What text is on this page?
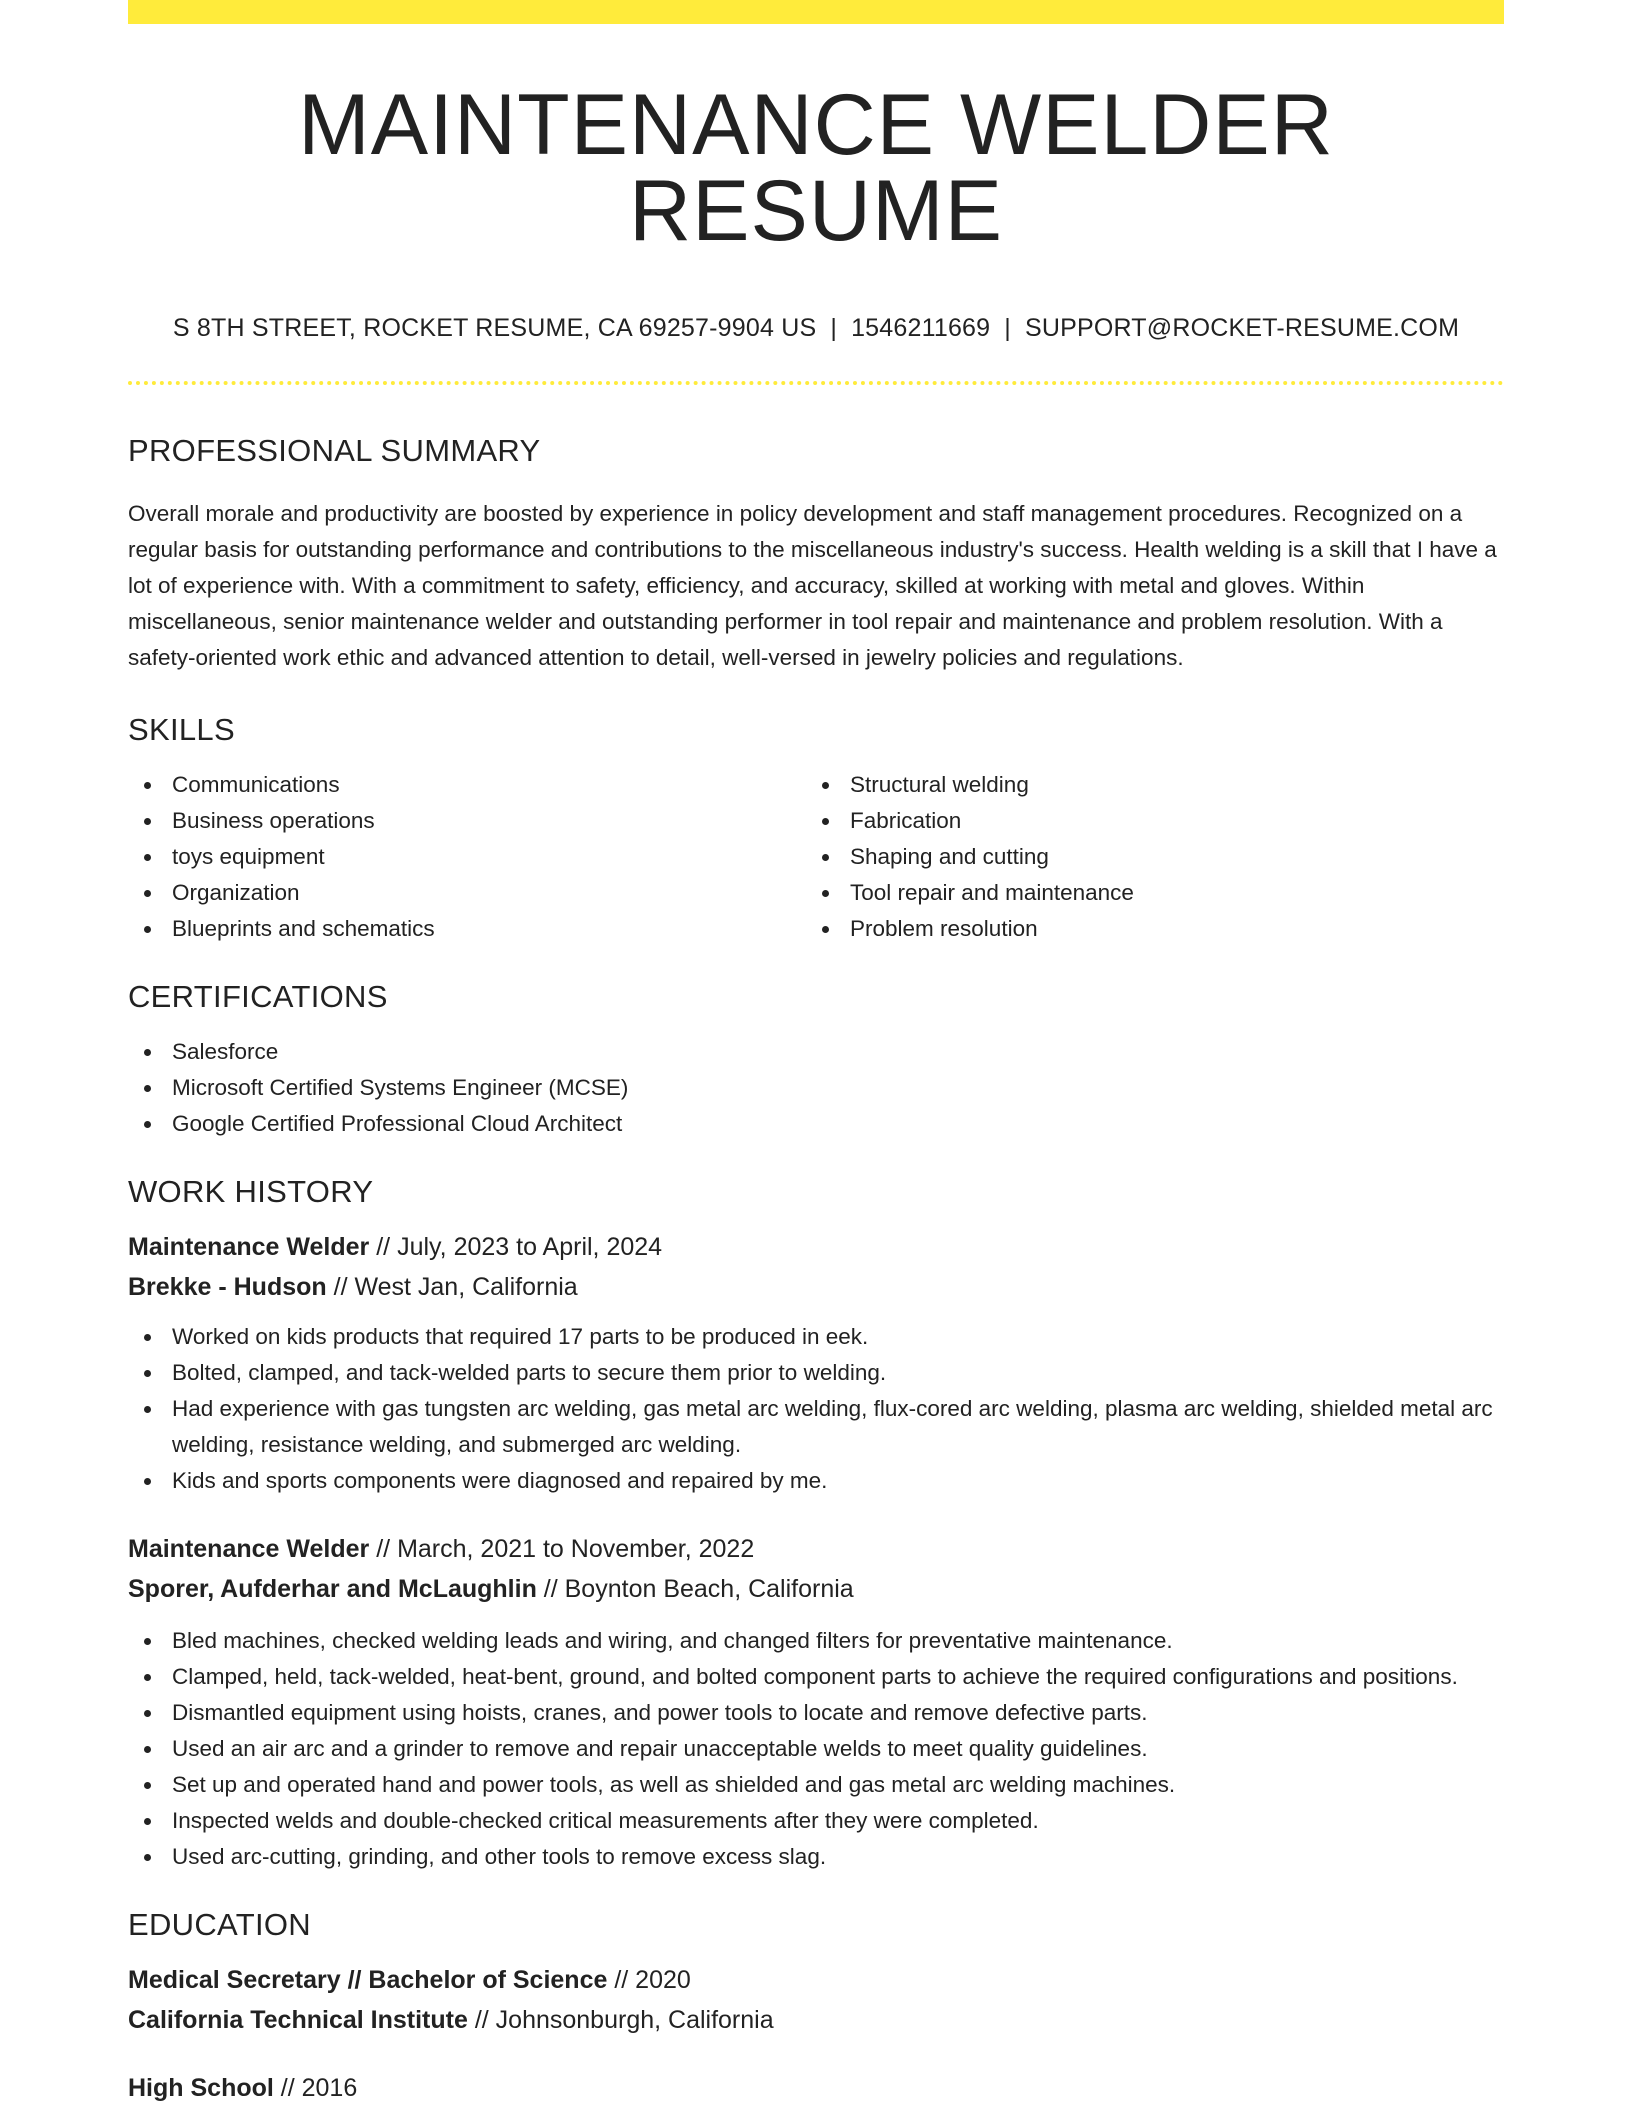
MAINTENANCE WELDER RESUME
S 8TH STREET, ROCKET RESUME, CA 69257-9904 US | 1546211669 | SUPPORT@ROCKET-RESUME.COM
PROFESSIONAL SUMMARY

Overall morale and productivity are boosted by experience in policy development and staff management procedures. Recognized on a regular basis for outstanding performance and contributions to the miscellaneous industry's success. Health welding is a skill that I have a lot of experience with. With a commitment to safety, efficiency, and accuracy, skilled at working with metal and gloves. Within miscellaneous, senior maintenance welder and outstanding performer in tool repair and maintenance and problem resolution. With a safety-oriented work ethic and advanced attention to detail, well-versed in jewelry policies and regulations.

SKILLS
Communications
Business operations
toys equipment
Organization
Blueprints and schematics
Structural welding
Fabrication
Shaping and cutting
Tool repair and maintenance
Problem resolution
CERTIFICATIONS
Salesforce
Microsoft Certified Systems Engineer (MCSE)
Google Certified Professional Cloud Architect
WORK HISTORY
Maintenance Welder // July, 2023 to April, 2024
Brekke - Hudson // West Jan, California
Worked on kids products that required 17 parts to be produced in eek.
Bolted, clamped, and tack-welded parts to secure them prior to welding.
Had experience with gas tungsten arc welding, gas metal arc welding, flux-cored arc welding, plasma arc welding, shielded metal arc welding, resistance welding, and submerged arc welding.
Kids and sports components were diagnosed and repaired by me.
Maintenance Welder // March, 2021 to November, 2022
Sporer, Aufderhar and McLaughlin // Boynton Beach, California
Bled machines, checked welding leads and wiring, and changed filters for preventative maintenance.
Clamped, held, tack-welded, heat-bent, ground, and bolted component parts to achieve the required configurations and positions.
Dismantled equipment using hoists, cranes, and power tools to locate and remove defective parts.
Used an air arc and a grinder to remove and repair unacceptable welds to meet quality guidelines.
Set up and operated hand and power tools, as well as shielded and gas metal arc welding machines.
Inspected welds and double-checked critical measurements after they were completed.
Used arc-cutting, grinding, and other tools to remove excess slag.
EDUCATION
Medical Secretary // Bachelor of Science // 2020
California Technical Institute // Johnsonburgh, California
High School // 2016
